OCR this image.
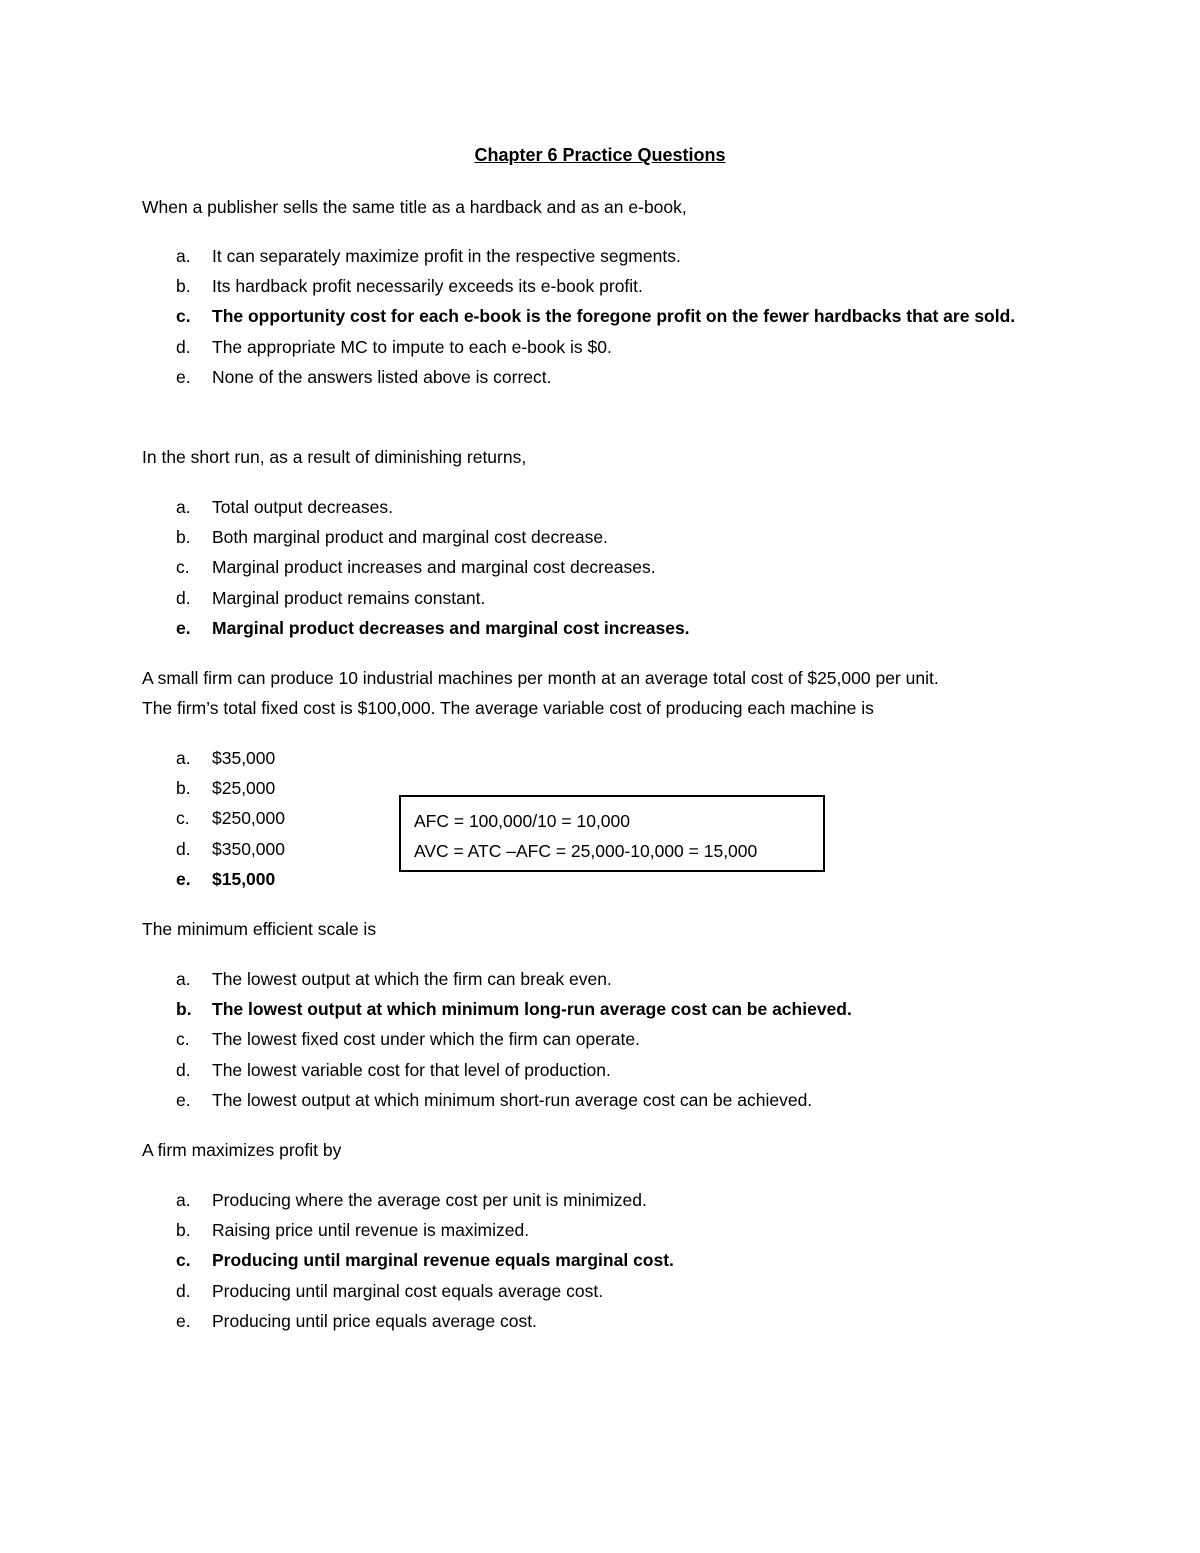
Chapter 6 Practice Questions
When a publisher sells the same title as a hardback and as an e-book,
a. It can separately maximize profit in the respective segments.
b. Its hardback profit necessarily exceeds its e-book profit.
c. The opportunity cost for each e-book is the foregone profit on the fewer hardbacks that are sold.
d. The appropriate MC to impute to each e-book is $0.
e. None of the answers listed above is correct.
In the short run, as a result of diminishing returns,
a. Total output decreases.
b. Both marginal product and marginal cost decrease.
c. Marginal product increases and marginal cost decreases.
d. Marginal product remains constant.
e. Marginal product decreases and marginal cost increases.
A small firm can produce 10 industrial machines per month at an average total cost of $25,000 per unit.
The firm’s total fixed cost is $100,000. The average variable cost of producing each machine is
a. $35,000
b. $25,000
c. $250,000
d. $350,000
e. $15,000
AFC = 100,000/10 = 10,000
AVC = ATC –AFC = 25,000-10,000 = 15,000
The minimum efficient scale is
a. The lowest output at which the firm can break even.
b. The lowest output at which minimum long-run average cost can be achieved.
c. The lowest fixed cost under which the firm can operate.
d. The lowest variable cost for that level of production.
e. The lowest output at which minimum short-run average cost can be achieved.
A firm maximizes profit by
a. Producing where the average cost per unit is minimized.
b. Raising price until revenue is maximized.
c. Producing until marginal revenue equals marginal cost.
d. Producing until marginal cost equals average cost.
e. Producing until price equals average cost.
